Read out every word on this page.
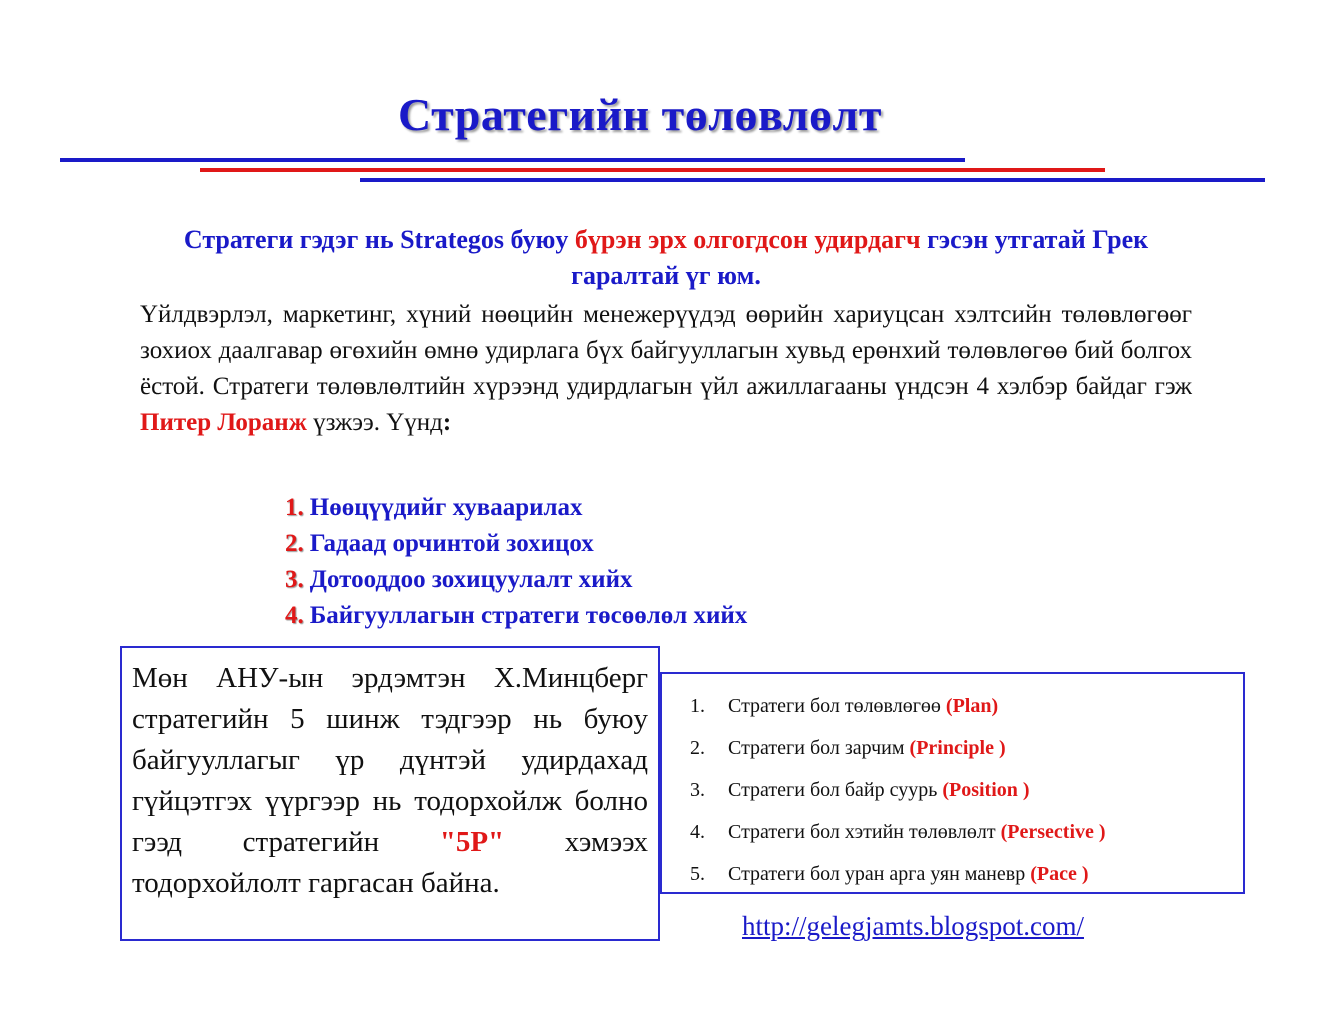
Стратегийн төлөвлөлт
Стратеги гэдэг нь Strategos буюу бүрэн эрх олгогдсон удирдагч гэсэн утгатай Грек гаралтай үг юм.
Үйлдвэрлэл, маркетинг, хүний нөөцийн менежерүүдэд өөрийн хариуцсан хэлтсийн төлөвлөгөөг зохиох даалгавар өгөхийн өмнө удирлага бүх байгууллагын хувьд ерөнхий төлөвлөгөө бий болгох ёстой. Стратеги төлөвлөлтийн хүрээнд удирдлагын үйл ажиллагааны үндсэн 4 хэлбэр байдаг гэж Питер Лоранж үзжээ. Үүнд:
1. Нөөцүүдийг хуваарилах
2. Гадаад орчинтой зохицох
3. Дотооддоо зохицуулалт хийх
4. Байгууллагын стратеги төсөөлөл хийх
Мөн АНУ-ын эрдэмтэн Х.Минцберг стратегийн 5 шинж тэдгээр нь буюу байгууллагыг үр дүнтэй удирдахад гүйцэтгэх үүргээр нь тодорхойлж болно гээд стратегийн "5P" хэмээх тодорхойлолт гаргасан байна.
1. Стратеги бол төлөвлөгөө (Plan)
2. Стратеги бол зарчим (Principle )
3. Стратеги бол байр суурь (Position )
4. Стратеги бол хэтийн төлөвлөлт (Persective )
5. Стратеги бол уран арга уян маневр (Pace )
http://gelegjamts.blogspot.com/
